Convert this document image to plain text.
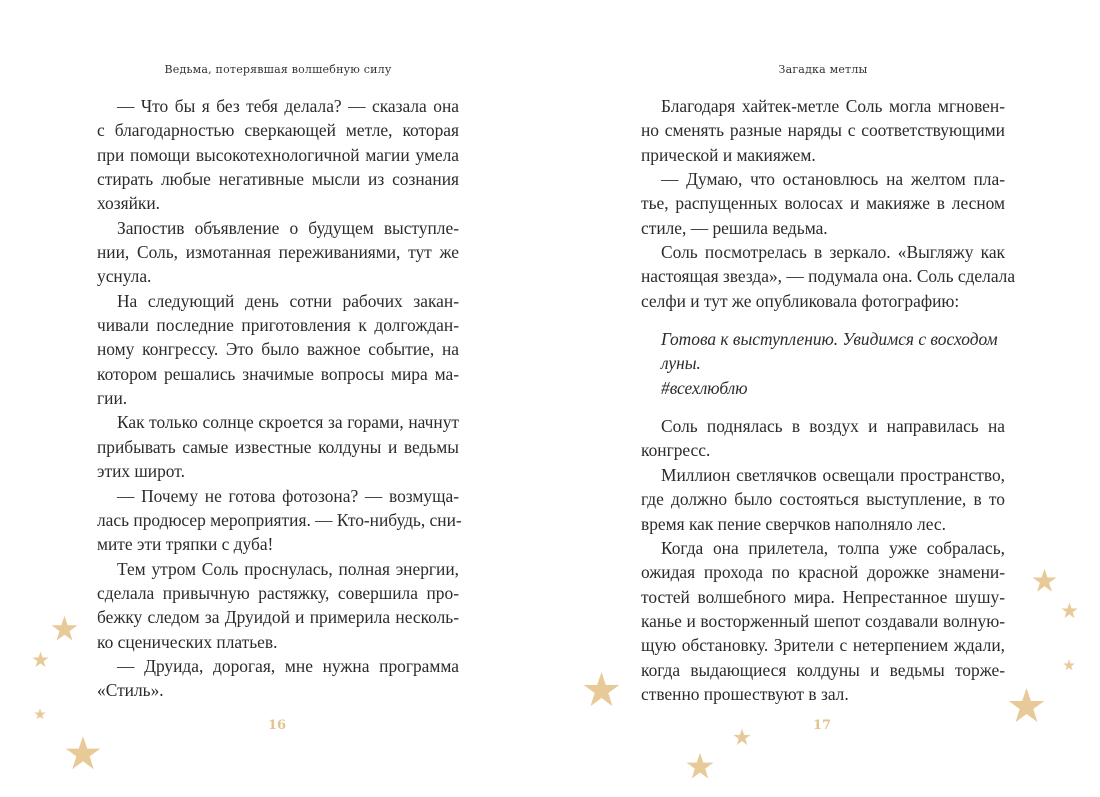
Ведьма, потерявшая волшебную силу
— Что бы я без тебя делала? — сказала она
с благодарностью сверкающей метле, которая
при помощи высокотехнологичной магии умела
стирать любые негативные мысли из сознания
хозяйки.
Запостив объявление о будущем выступле-
нии, Соль, измотанная переживаниями, тут же
уснула.
На следующий день сотни рабочих закан-
чивали последние приготовления к долгождан-
ному конгрессу. Это было важное событие, на
котором решались значимые вопросы мира ма-
гии.
Как только солнце скроется за горами, начнут
прибывать самые известные колдуны и ведьмы
этих широт.
— Почему не готова фотозона? — возмуща-
лась продюсер мероприятия. — Кто-нибудь, сни-
мите эти тряпки с дуба!
Тем утром Соль проснулась, полная энергии,
сделала привычную растяжку, совершила про-
бежку следом за Друидой и примерила несколь-
ко сценических платьев.
— Друида, дорогая, мне нужна программа
«Стиль».
16
Загадка метлы
Благодаря хайтек-метле Соль могла мгновен-
но сменять разные наряды с соответствующими
прической и макияжем.
— Думаю, что остановлюсь на желтом пла-
тье, распущенных волосах и макияже в лесном
стиле, — решила ведьма.
Соль посмотрелась в зеркало. «Выгляжу как
настоящая звезда», — подумала она. Соль сделала
селфи и тут же опубликовала фотографию:
Готова к выступлению. Увидимся с восходом
луны.
#всехлюблю
Соль поднялась в воздух и направилась на
конгресс.
Миллион светлячков освещали пространство,
где должно было состояться выступление, в то
время как пение сверчков наполняло лес.
Когда она прилетела, толпа уже собралась,
ожидая прохода по красной дорожке знамени-
тостей волшебного мира. Непрестанное шушу-
канье и восторженный шепот создавали волную-
щую обстановку. Зрители с нетерпением ждали,
когда выдающиеся колдуны и ведьмы торже-
ственно прошествуют в зал.
17
